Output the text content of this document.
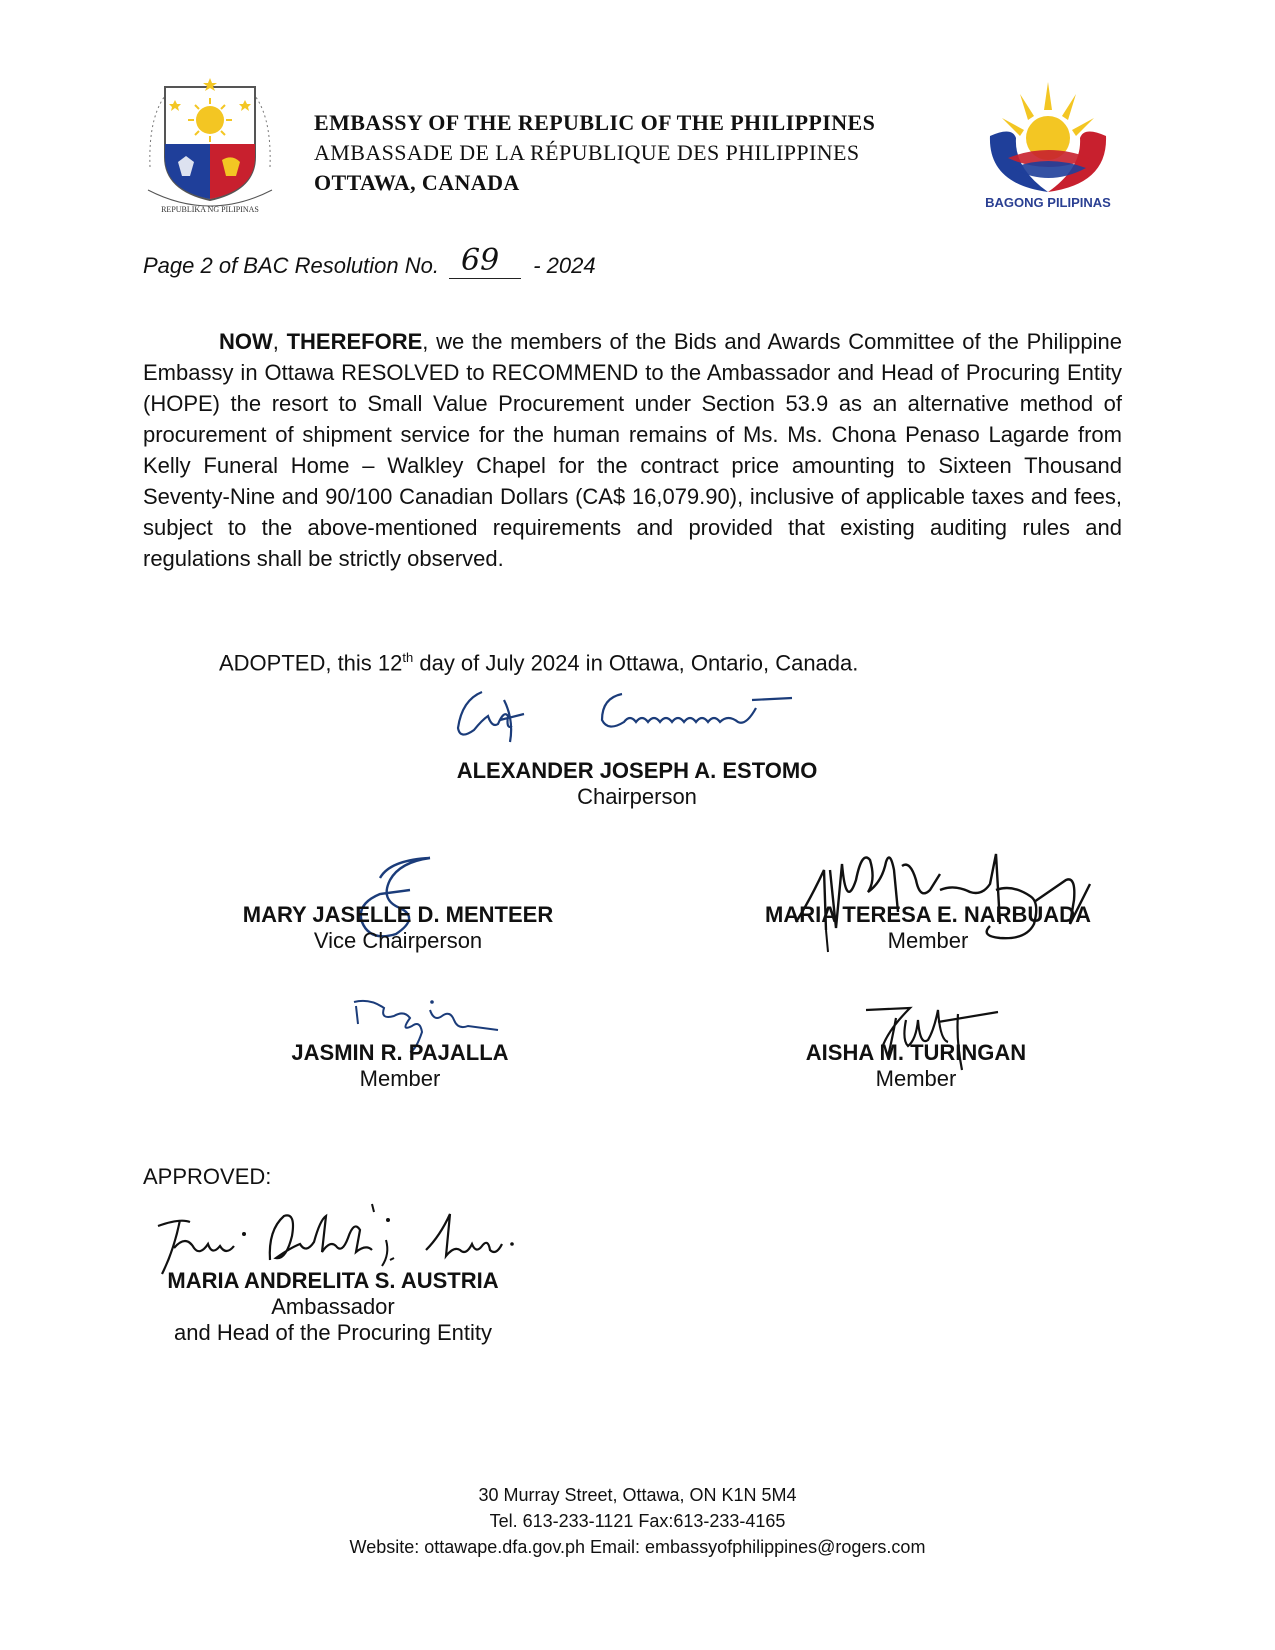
REPUBLIKA NG PILIPINAS
EMBASSY OF THE REPUBLIC OF THE PHILIPPINES
AMBASSADE DE LA RÉPUBLIQUE DES PHILIPPINES
OTTAWA, CANADA
BAGONG PILIPINAS
Page 2 of BAC Resolution No. 69 - 2024
NOW, THEREFORE, we the members of the Bids and Awards Committee of the Philippine Embassy in Ottawa RESOLVED to RECOMMEND to the Ambassador and Head of Procuring Entity (HOPE) the resort to Small Value Procurement under Section 53.9 as an alternative method of procurement of shipment service for the human remains of Ms. Ms. Chona Penaso Lagarde from Kelly Funeral Home – Walkley Chapel for the contract price amounting to Sixteen Thousand Seventy-Nine and 90/100 Canadian Dollars (CA$ 16,079.90), inclusive of applicable taxes and fees, subject to the above-mentioned requirements and provided that existing auditing rules and regulations shall be strictly observed.
ADOPTED, this 12th day of July 2024 in Ottawa, Ontario, Canada.
ALEXANDER JOSEPH A. ESTOMO
Chairperson
MARY JASELLE D. MENTEER
Vice Chairperson
MARIA TERESA E. NARBUADA
Member
JASMIN R. PAJALLA
Member
AISHA M. TURINGAN
Member
APPROVED:
MARIA ANDRELITA S. AUSTRIA
Ambassador
and Head of the Procuring Entity
30 Murray Street, Ottawa, ON K1N 5M4
Tel. 613-233-1121 Fax:613-233-4165
Website: ottawape.dfa.gov.ph Email: embassyofphilippines@rogers.com
